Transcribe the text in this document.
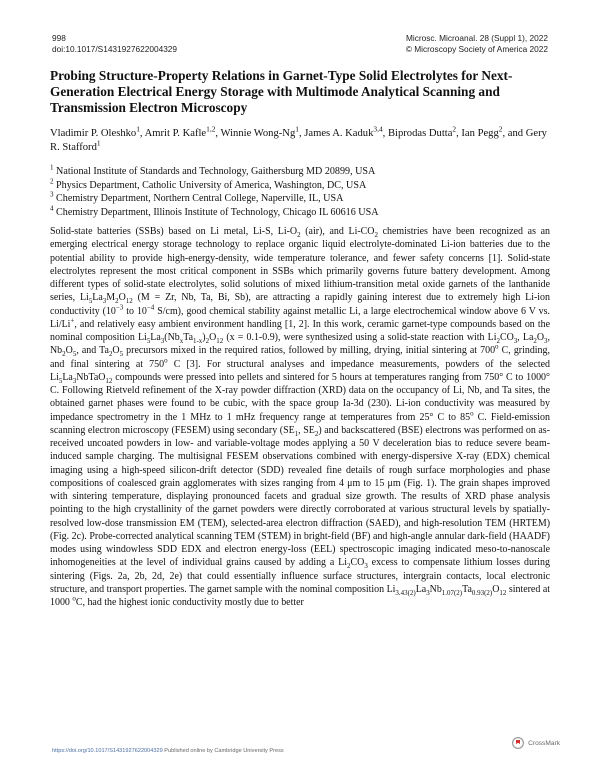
998
doi:10.1017/S1431927622004329
Microsc. Microanal. 28 (Suppl 1), 2022
© Microscopy Society of America 2022
Probing Structure-Property Relations in Garnet-Type Solid Electrolytes for Next-Generation Electrical Energy Storage with Multimode Analytical Scanning and Transmission Electron Microscopy
Vladimir P. Oleshko$^1$, Amrit P. Kafle$^{1,2}$, Winnie Wong-Ng$^1$, James A. Kaduk$^{3,4}$, Biprodas Dutta$^2$, Ian Pegg$^2$, and Gery R. Stafford$^1$
$^1$ National Institute of Standards and Technology, Gaithersburg MD 20899, USA
$^2$ Physics Department, Catholic University of America, Washington, DC, USA
$^3$ Chemistry Department, Northern Central College, Naperville, IL, USA
$^4$ Chemistry Department, Illinois Institute of Technology, Chicago IL 60616 USA
Solid-state batteries (SSBs) based on Li metal, Li-S, $Li-O_2$ (air), and $Li-CO_2$ chemistries have been recognized as an emerging electrical energy storage technology to replace organic liquid electrolyte-dominated Li-ion batteries due to the potential ability to provide high-energy-density, wide temperature tolerance, and fewer safety concerns [1]. Solid-state electrolytes represent the most critical component in SSBs which primarily governs future battery development. Among different types of solid-state electrolytes, solid solutions of mixed lithium-transition metal oxide garnets of the lanthanide series, $Li_5La_3M_2O_{12}$ (M = Zr, Nb, Ta, Bi, Sb), are attracting a rapidly gaining interest due to extremely high Li-ion conductivity ($10^{-3}$ to $10^{-4}$ S/cm), good chemical stability against metallic Li, a large electrochemical window above 6 V vs. Li/Li+, and relatively easy ambient environment handling [1, 2]. In this work, ceramic garnet-type compounds based on the nominal composition $Li_5La_3(Nb_xTa_{1-x})_2O_{12}$ (x = 0.1-0.9), were synthesized using a solid-state reaction with $Li_2CO_3$, $La_2O_3$, $Nb_2O_5$, and $Ta_2O_5$ precursors mixed in the required ratios, followed by milling, drying, initial sintering at 700$^o$ C, grinding, and final sintering at 750$^o$ C [3]. For structural analyses and impedance measurements, powders of the selected $Li_5La_3NbTaO_{12}$ compounds were pressed into pellets and sintered for 5 hours at temperatures ranging from 750° C to 1000° C. Following Rietveld refinement of the X-ray powder diffraction (XRD) data on the occupancy of Li, Nb, and Ta sites, the obtained garnet phases were found to be cubic, with the space group Ia-3d (230). Li-ion conductivity was measured by impedance spectrometry in the 1 MHz to 1 mHz frequency range at temperatures from 25° C to 85$^o$ C. Field-emission scanning electron microscopy (FESEM) using secondary ($SE_1$, $SE_2$) and backscattered (BSE) electrons was performed on as-received uncoated powders in low- and variable-voltage modes applying a 50 V deceleration bias to reduce severe beam-induced sample charging. The multisignal FESEM observations combined with energy-dispersive X-ray (EDX) chemical imaging using a high-speed silicon-drift detector (SDD) revealed fine details of rough surface morphologies and phase compositions of coalesced grain agglomerates with sizes ranging from 4 μm to 15 μm (Fig. 1). The grain shapes improved with sintering temperature, displaying pronounced facets and gradual size growth. The results of XRD phase analysis pointing to the high crystallinity of the garnet powders were directly corroborated at various structural levels by spatially-resolved low-dose transmission EM (TEM), selected-area electron diffraction (SAED), and high-resolution TEM (HRTEM) (Fig. 2c). Probe-corrected analytical scanning TEM (STEM) in bright-field (BF) and high-angle annular dark-field (HAADF) modes using windowless SDD EDX and electron energy-loss (EEL) spectroscopic imaging indicated meso-to-nanoscale inhomogeneities at the level of individual grains caused by adding a $Li_2CO_3$ excess to compensate lithium losses during sintering (Figs. 2a, 2b, 2d, 2e) that could essentially influence surface structures, intergrain contacts, local electronic structure, and transport properties. The garnet sample with the nominal composition $Li_{3.43(2)}La_3Nb_{1.07(2)}Ta_{0.93(2)}O_{12}$ sintered at 1000 $^o$C, had the highest ionic conductivity mostly due to better
https://doi.org/10.1017/S1431927622004329 Published online by Cambridge University Press
CrossMark
